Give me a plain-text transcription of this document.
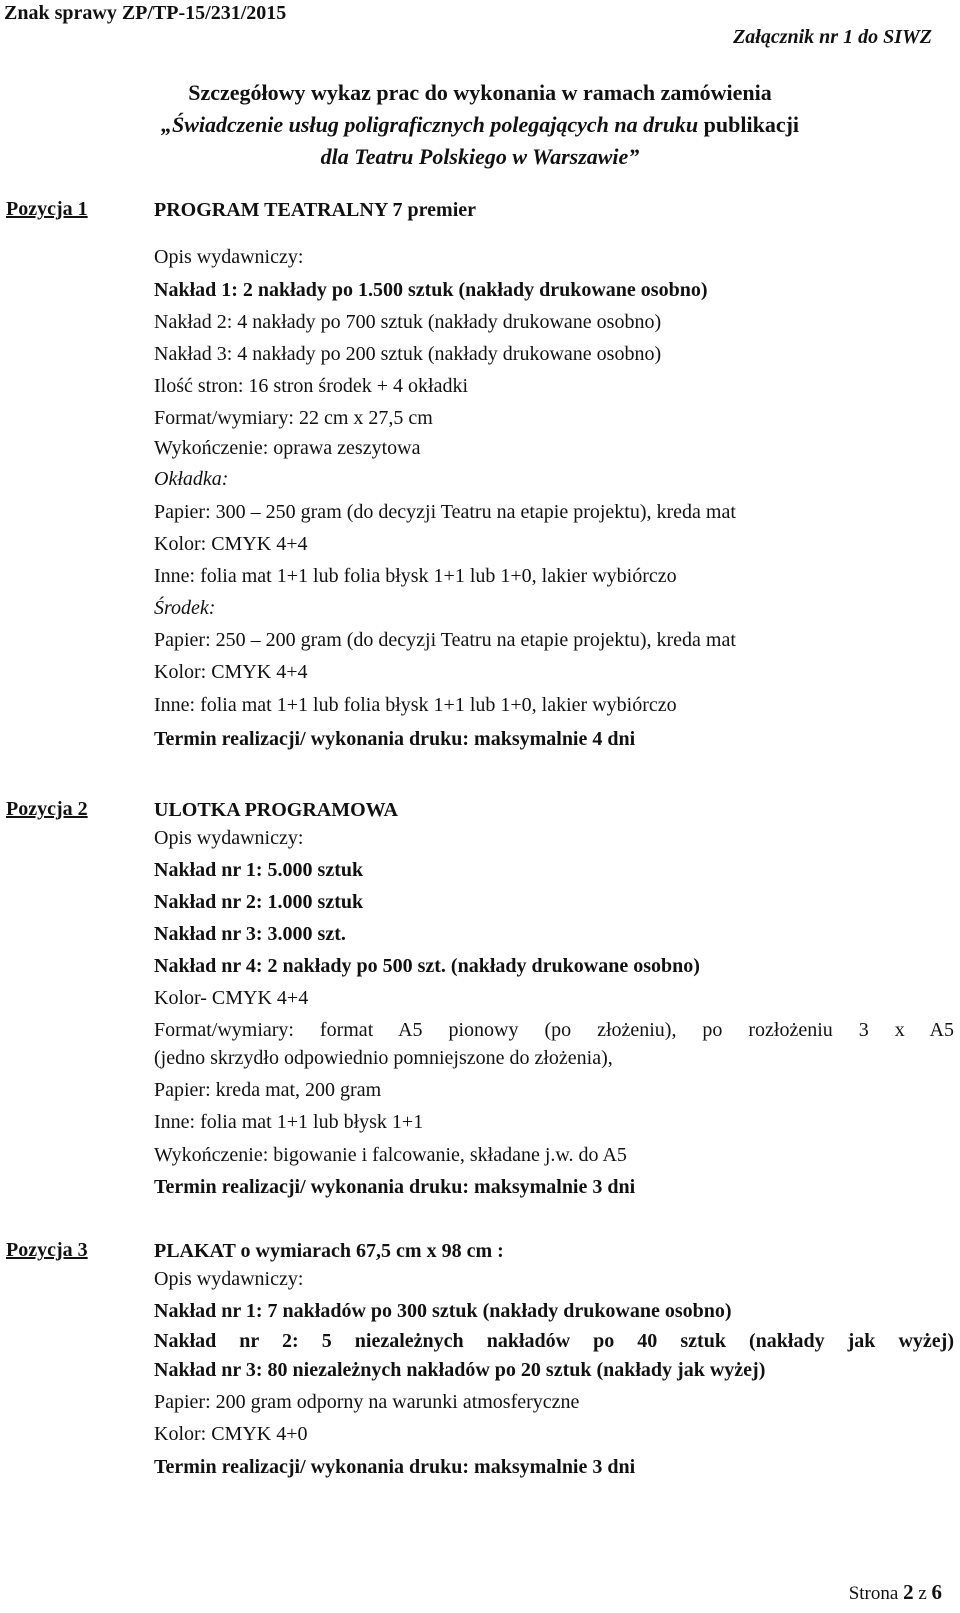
Znak sprawy ZP/TP-15/231/2015
Załącznik nr 1 do SIWZ
Szczegółowy wykaz prac do wykonania w ramach zamówienia
„Świadczenie usług poligraficznych polegających na druku publikacji
dla Teatru Polskiego w Warszawie”
Pozycja 1	PROGRAM TEATRALNY 7 premier
Opis wydawniczy:
Nakład 1: 2 nakłady po 1.500 sztuk (nakłady drukowane osobno)
Nakład 2: 4 nakłady po 700 sztuk (nakłady drukowane osobno)
Nakład 3: 4 nakłady po 200 sztuk (nakłady drukowane osobno)
Ilość stron: 16 stron środek + 4 okładki
Format/wymiary: 22 cm x 27,5 cm
Wykończenie: oprawa zeszytowa
Okładka:
Papier: 300 – 250 gram (do decyzji Teatru na etapie projektu), kreda mat
Kolor: CMYK 4+4
Inne: folia mat 1+1 lub folia błysk 1+1 lub 1+0, lakier wybiórczo
Środek:
Papier: 250 – 200 gram (do decyzji Teatru na etapie projektu), kreda mat
Kolor: CMYK 4+4
Inne: folia mat 1+1 lub folia błysk 1+1 lub 1+0, lakier wybiórczo
Termin realizacji/ wykonania druku: maksymalnie 4 dni
Pozycja 2	ULOTKA PROGRAMOWA
Opis wydawniczy:
Nakład nr 1: 5.000 sztuk
Nakład nr 2: 1.000 sztuk
Nakład nr 3: 3.000 szt.
Nakład nr 4: 2 nakłady po 500 szt. (nakłady drukowane osobno)
Kolor- CMYK 4+4
Format/wymiary: format A5 pionowy (po złożeniu), po rozłożeniu 3 x A5
(jedno skrzydło odpowiednio pomniejszone do złożenia),
Papier: kreda mat, 200 gram
Inne: folia mat 1+1 lub błysk 1+1
Wykończenie: bigowanie i falcowanie, składane j.w. do A5
Termin realizacji/ wykonania druku: maksymalnie 3 dni
Pozycja 3	PLAKAT o wymiarach 67,5 cm x 98 cm :
Opis wydawniczy:
Nakład nr 1: 7 nakładów po 300 sztuk (nakłady drukowane osobno)
Nakład nr 2: 5 niezależnych nakładów po 40 sztuk (nakłady jak wyżej)
Nakład nr 3: 80 niezależnych nakładów po 20 sztuk (nakłady jak wyżej)
Papier: 200 gram odporny na warunki atmosferyczne
Kolor: CMYK 4+0
Termin realizacji/ wykonania druku: maksymalnie 3 dni
Strona 2 z 6
